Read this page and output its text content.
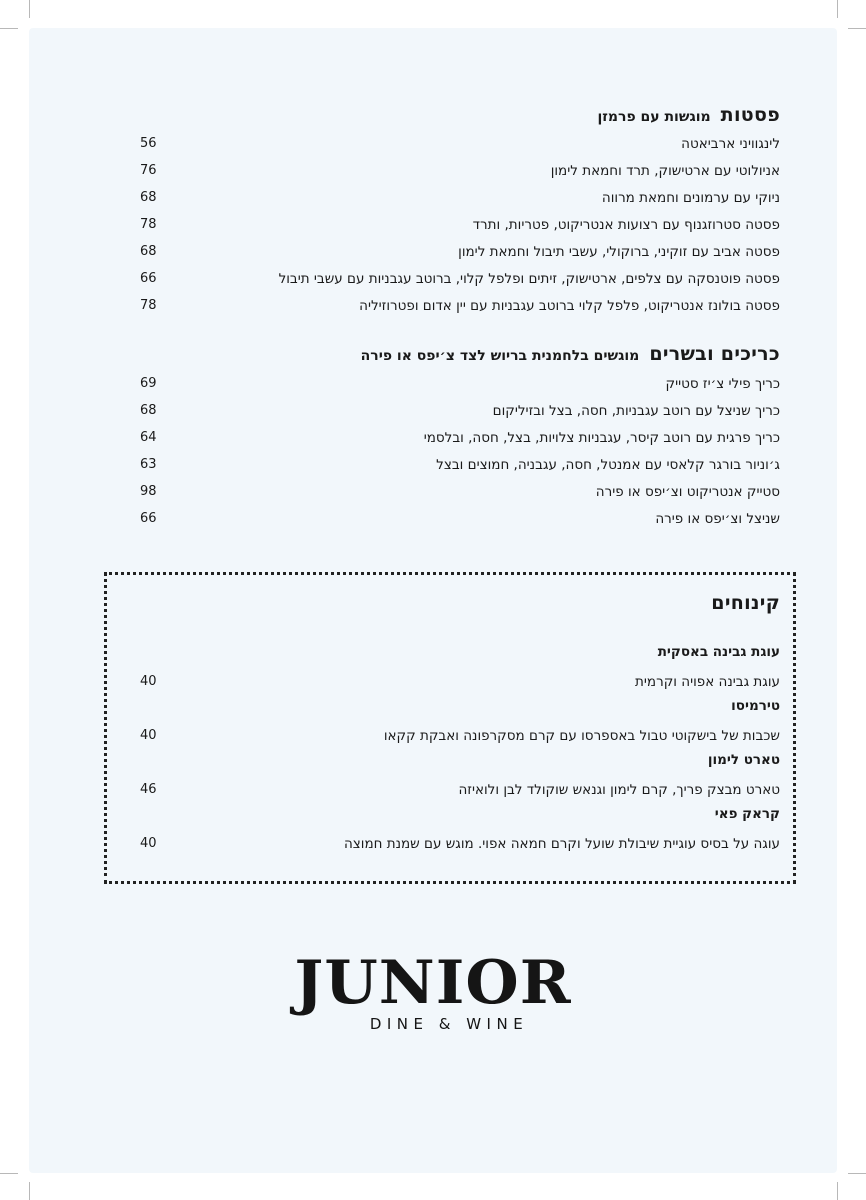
פסטותמוגשות עם פרמזן
לינגוויני ארביאטה
56
אניולוטי עם ארטישוק, תרד וחמאת לימון
76
ניוקי עם ערמונים וחמאת מרווה
68
פסטה סטרוזגנוף עם רצועות אנטריקוט, פטריות, ותרד
78
פסטה אביב עם זוקיני, ברוקולי, עשבי תיבול וחמאת לימון
68
פסטה פוטנסקה עם צלפים, ארטישוק, זיתים ופלפל קלוי, ברוטב עגבניות עם עשבי תיבול
66
פסטה בולונז אנטריקוט, פלפל קלוי ברוטב עגבניות עם יין אדום ופטרוזיליה
78
כריכים ובשריםמוגשים בלחמנית בריוש לצד צ׳יפס או פירה
כריך פילי צ׳יז סטייק
69
כריך שניצל עם רוטב עגבניות, חסה, בצל ובזיליקום
68
כריך פרגית עם רוטב קיסר, עגבניות צלויות, בצל, חסה, ובלסמי
64
ג׳וניור בורגר קלאסי עם אמנטל, חסה, עגבניה, חמוצים ובצל
63
סטייק אנטריקוט וצ׳יפס או פירה
98
שניצל וצ׳יפס או פירה
66
קינוחים
עוגת גבינה באסקית
עוגת גבינה אפויה וקרמית
40
טירמיסו
שכבות של בישקוטי טבול באספרסו עם קרם מסקרפונה ואבקת קקאו
40
טארט לימון
טארט מבצק פריך, קרם לימון וגנאש שוקולד לבן ולואיזה
46
קראק פאי
עוגה על בסיס עוגיית שיבולת שועל וקרם חמאה אפוי. מוגש עם שמנת חמוצה
40
JUNIOR
DINE & WINE
